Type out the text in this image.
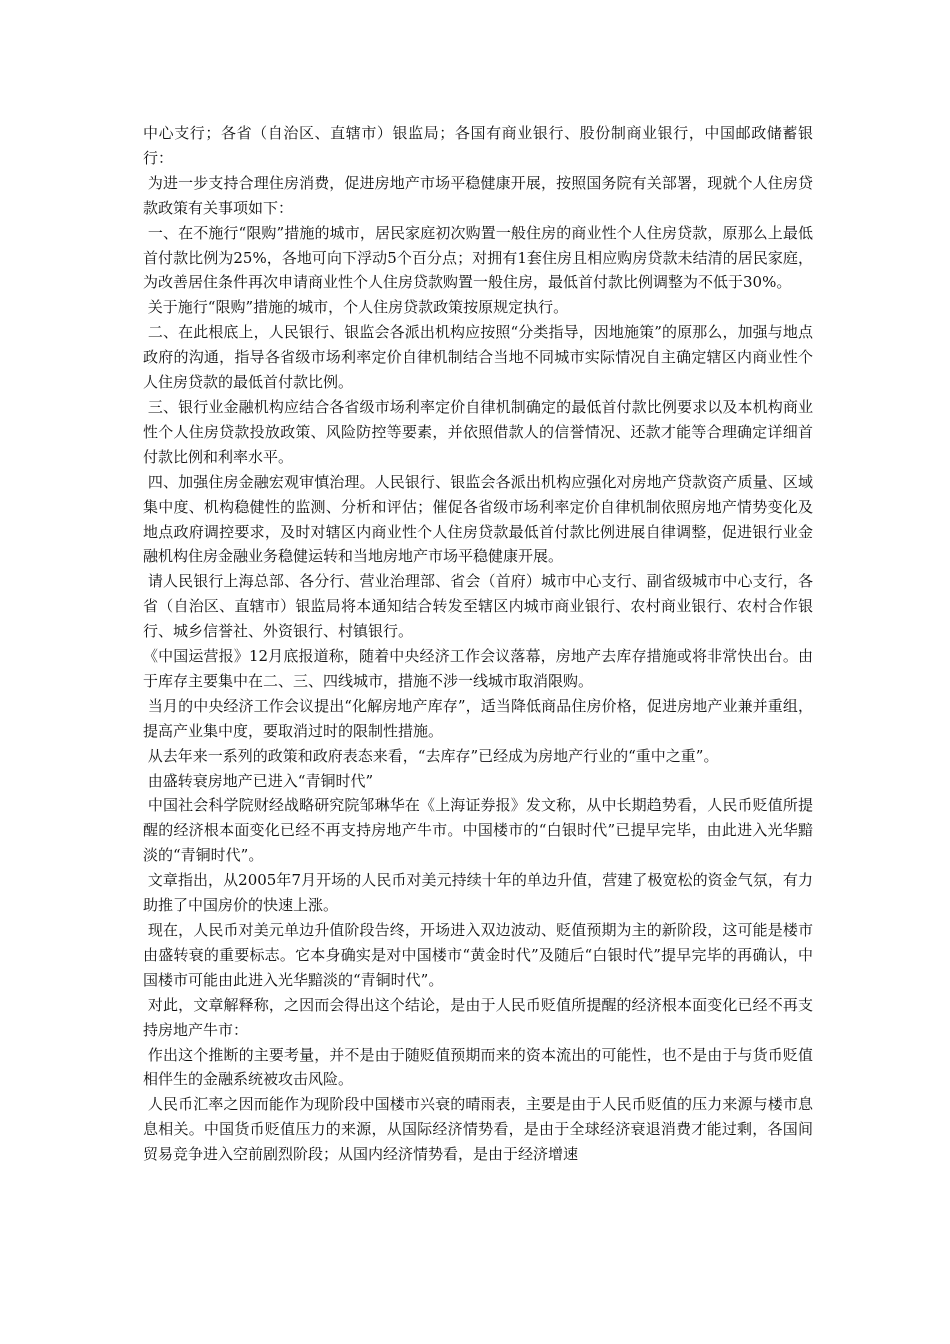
中心支行；各省（自治区、直辖市）银监局；各国有商业银行、股份制商业银行，中国邮政储蓄银行：

为进一步支持合理住房消费，促进房地产市场平稳健康开展，按照国务院有关部署，现就个人住房贷款政策有关事项如下：

一、在不施行“限购”措施的城市，居民家庭初次购置一般住房的商业性个人住房贷款，原那么上最低首付款比例为25%，各地可向下浮动5个百分点；对拥有1套住房且相应购房贷款未结清的居民家庭，为改善居住条件再次申请商业性个人住房贷款购置一般住房，最低首付款比例调整为不低于30%。

关于施行“限购”措施的城市，个人住房贷款政策按原规定执行。

二、在此根底上，人民银行、银监会各派出机构应按照“分类指导，因地施策”的原那么，加强与地点政府的沟通，指导各省级市场利率定价自律机制结合当地不同城市实际情况自主确定辖区内商业性个人住房贷款的最低首付款比例。

三、银行业金融机构应结合各省级市场利率定价自律机制确定的最低首付款比例要求以及本机构商业性个人住房贷款投放政策、风险防控等要素，并依照借款人的信誉情况、还款才能等合理确定详细首付款比例和利率水平。

四、加强住房金融宏观审慎治理。人民银行、银监会各派出机构应强化对房地产贷款资产质量、区域集中度、机构稳健性的监测、分析和评估；催促各省级市场利率定价自律机制依照房地产情势变化及地点政府调控要求，及时对辖区内商业性个人住房贷款最低首付款比例进展自律调整，促进银行业金融机构住房金融业务稳健运转和当地房地产市场平稳健康开展。

请人民银行上海总部、各分行、营业治理部、省会（首府）城市中心支行、副省级城市中心支行，各省（自治区、直辖市）银监局将本通知结合转发至辖区内城市商业银行、农村商业银行、农村合作银行、城乡信誉社、外资银行、村镇银行。

《中国运营报》12月底报道称，随着中央经济工作会议落幕，房地产去库存措施或将非常快出台。由于库存主要集中在二、三、四线城市，措施不涉一线城市取消限购。

当月的中央经济工作会议提出“化解房地产库存”，适当降低商品住房价格，促进房地产业兼并重组，提高产业集中度，要取消过时的限制性措施。

从去年来一系列的政策和政府表态来看，“去库存”已经成为房地产行业的“重中之重”。

由盛转衰房地产已进入“青铜时代”

中国社会科学院财经战略研究院邹琳华在《上海证券报》发文称，从中长期趋势看，人民币贬值所提醒的经济根本面变化已经不再支持房地产牛市。中国楼市的“白银时代”已提早完毕，由此进入光华黯淡的“青铜时代”。

文章指出，从2005年7月开场的人民币对美元持续十年的单边升值，营建了极宽松的资金气氛，有力助推了中国房价的快速上涨。

现在，人民币对美元单边升值阶段告终，开场进入双边波动、贬值预期为主的新阶段，这可能是楼市由盛转衰的重要标志。它本身确实是对中国楼市“黄金时代”及随后“白银时代”提早完毕的再确认，中国楼市可能由此进入光华黯淡的“青铜时代”。

对此，文章解释称，之因而会得出这个结论，是由于人民币贬值所提醒的经济根本面变化已经不再支持房地产牛市：

作出这个推断的主要考量，并不是由于随贬值预期而来的资本流出的可能性，也不是由于与货币贬值相伴生的金融系统被攻击风险。

人民币汇率之因而能作为现阶段中国楼市兴衰的晴雨表，主要是由于人民币贬值的压力来源与楼市息息相关。中国货币贬值压力的来源，从国际经济情势看，是由于全球经济衰退消费才能过剩，各国间贸易竞争进入空前剧烈阶段；从国内经济情势看，是由于经济增速
